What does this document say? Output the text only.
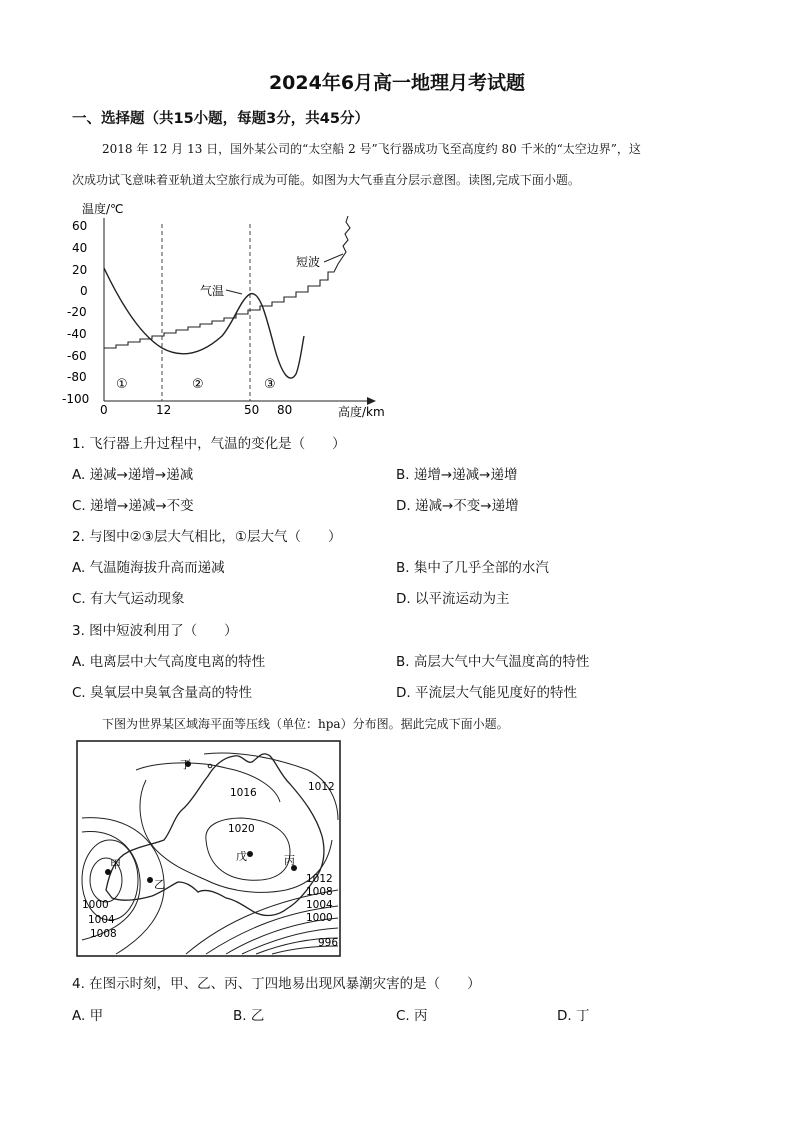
2024年6月高一地理月考试题
一、选择题（共15小题，每题3分，共45分）
2018 年 12 月 13 日，国外某公司的“太空船 2 号”飞行器成功飞至高度约 80 千米的“太空边界”，这
次成功试飞意味着亚轨道太空旅行成为可能。如图为大气垂直分层示意图。读图,完成下面小题。
温度/℃
60
40
20
0
-20
-40
-60
-80
-100
0	12	50 80	高度/km
①	②	③
气温
短波
1. 飞行器上升过程中，气温的变化是（　　）
A. 递减→递增→递减	B. 递增→递减→递增
C. 递增→递减→不变	D. 递减→不变→递增
2. 与图中②③层大气相比，①层大气（　　）
A. 气温随海拔升高而递减	B. 集中了几乎全部的水汽
C. 有大气运动现象	D. 以平流运动为主
3. 图中短波利用了（　　）
A. 电离层中大气高度电离的特性	B. 高层大气中大气温度高的特性
C. 臭氧层中臭氧含量高的特性	D. 平流层大气能见度好的特性
下图为世界某区域海平面等压线（单位：hpa）分布图。据此完成下面小题。
丁
甲
乙
丙
戊
1012
1016
1020
1000
1004
1008
1012
1008
1004
1000
996
4. 在图示时刻，甲、乙、丙、丁四地易出现风暴潮灾害的是（　　）
A. 甲	B. 乙	C. 丙	D. 丁
